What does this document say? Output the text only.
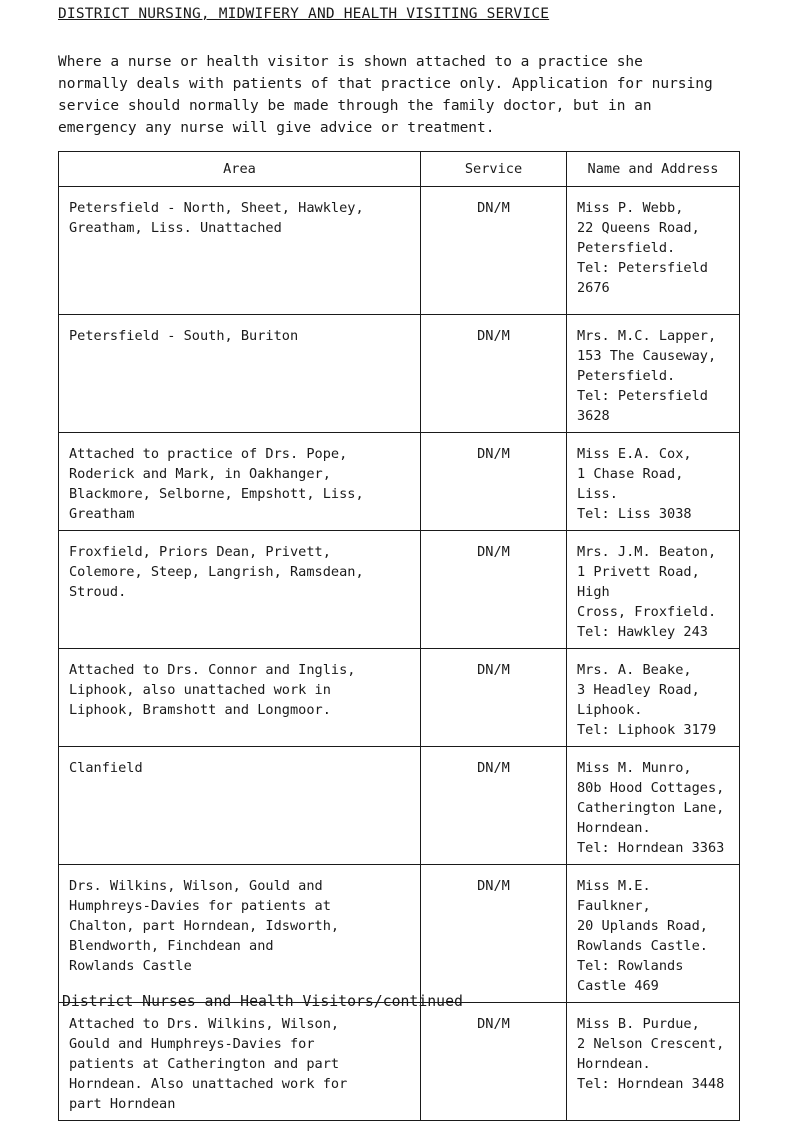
DISTRICT NURSING, MIDWIFERY AND HEALTH VISITING SERVICE
Where a nurse or health visitor is shown attached to a practice she
normally deals with patients of that practice only. Application for nursing
service should normally be made through the family doctor, but in an
emergency any nurse will give advice or treatment.
Area	Service	Name and Address
Petersfield - North, Sheet, Hawkley,
Greatham, Liss. Unattached	DN/M	Miss P. Webb,
22 Queens Road,
Petersfield.
Tel: Petersfield 2676
Petersfield - South, Buriton	DN/M	Mrs. M.C. Lapper,
153 The Causeway,
Petersfield.
Tel: Petersfield 3628
Attached to practice of Drs. Pope,
Roderick and Mark, in Oakhanger,
Blackmore, Selborne, Empshott, Liss,
Greatham	DN/M	Miss E.A. Cox,
1 Chase Road,
Liss.
Tel: Liss 3038
Froxfield, Priors Dean, Privett,
Colemore, Steep, Langrish, Ramsdean,
Stroud.	DN/M	Mrs. J.M. Beaton,
1 Privett Road, High
Cross, Froxfield.
Tel: Hawkley 243
Attached to Drs. Connor and Inglis,
Liphook, also unattached work in
Liphook, Bramshott and Longmoor.	DN/M	Mrs. A. Beake,
3 Headley Road,
Liphook.
Tel: Liphook 3179
Clanfield	DN/M	Miss M. Munro,
80b Hood Cottages,
Catherington Lane,
Horndean.
Tel: Horndean 3363
Drs. Wilkins, Wilson, Gould and
Humphreys-Davies for patients at
Chalton, part Horndean, Idsworth,
Blendworth, Finchdean and
Rowlands Castle	DN/M	Miss M.E. Faulkner,
20 Uplands Road,
Rowlands Castle.
Tel: Rowlands
Castle 469
Attached to Drs. Wilkins, Wilson,
Gould and Humphreys-Davies for
patients at Catherington and part
Horndean. Also unattached work for
part Horndean	DN/M	Miss B. Purdue,
2 Nelson Crescent,
Horndean.
Tel: Horndean 3448
District Nurses and Health Visitors/continued
